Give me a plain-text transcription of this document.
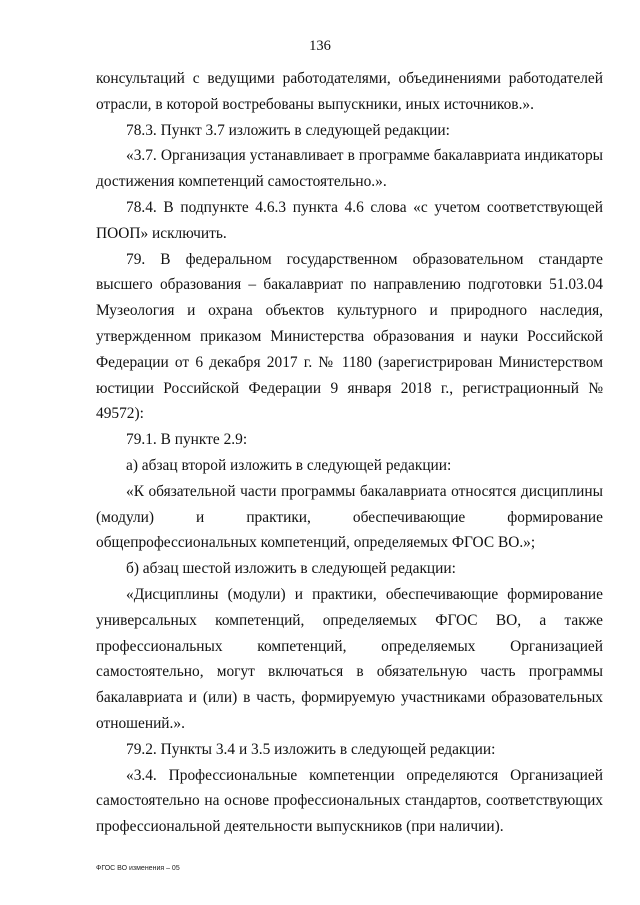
136

консультаций с ведущими работодателями, объединениями работодателей отрасли, в которой востребованы выпускники, иных источников.».

78.3. Пункт 3.7 изложить в следующей редакции:

«3.7. Организация устанавливает в программе бакалавриата индикаторы достижения компетенций самостоятельно.».

78.4. В подпункте 4.6.3 пункта 4.6 слова «с учетом соответствующей ПООП» исключить.

79. В федеральном государственном образовательном стандарте высшего образования – бакалавриат по направлению подготовки 51.03.04 Музеология и охрана объектов культурного и природного наследия, утвержденном приказом Министерства образования и науки Российской Федерации от 6 декабря 2017 г. № 1180 (зарегистрирован Министерством юстиции Российской Федерации 9 января 2018 г., регистрационный № 49572):

79.1. В пункте 2.9:

а) абзац второй изложить в следующей редакции:

«К обязательной части программы бакалавриата относятся дисциплины (модули) и практики, обеспечивающие формирование общепрофессиональных компетенций, определяемых ФГОС ВО.»;

б) абзац шестой изложить в следующей редакции:

«Дисциплины (модули) и практики, обеспечивающие формирование универсальных компетенций, определяемых ФГОС ВО, а также профессиональных компетенций, определяемых Организацией самостоятельно, могут включаться в обязательную часть программы бакалавриата и (или) в часть, формируемую участниками образовательных отношений.».

79.2. Пункты 3.4 и 3.5 изложить в следующей редакции:

«3.4. Профессиональные компетенции определяются Организацией самостоятельно на основе профессиональных стандартов, соответствующих профессиональной деятельности выпускников (при наличии).

ФГОС ВО изменения – 05
